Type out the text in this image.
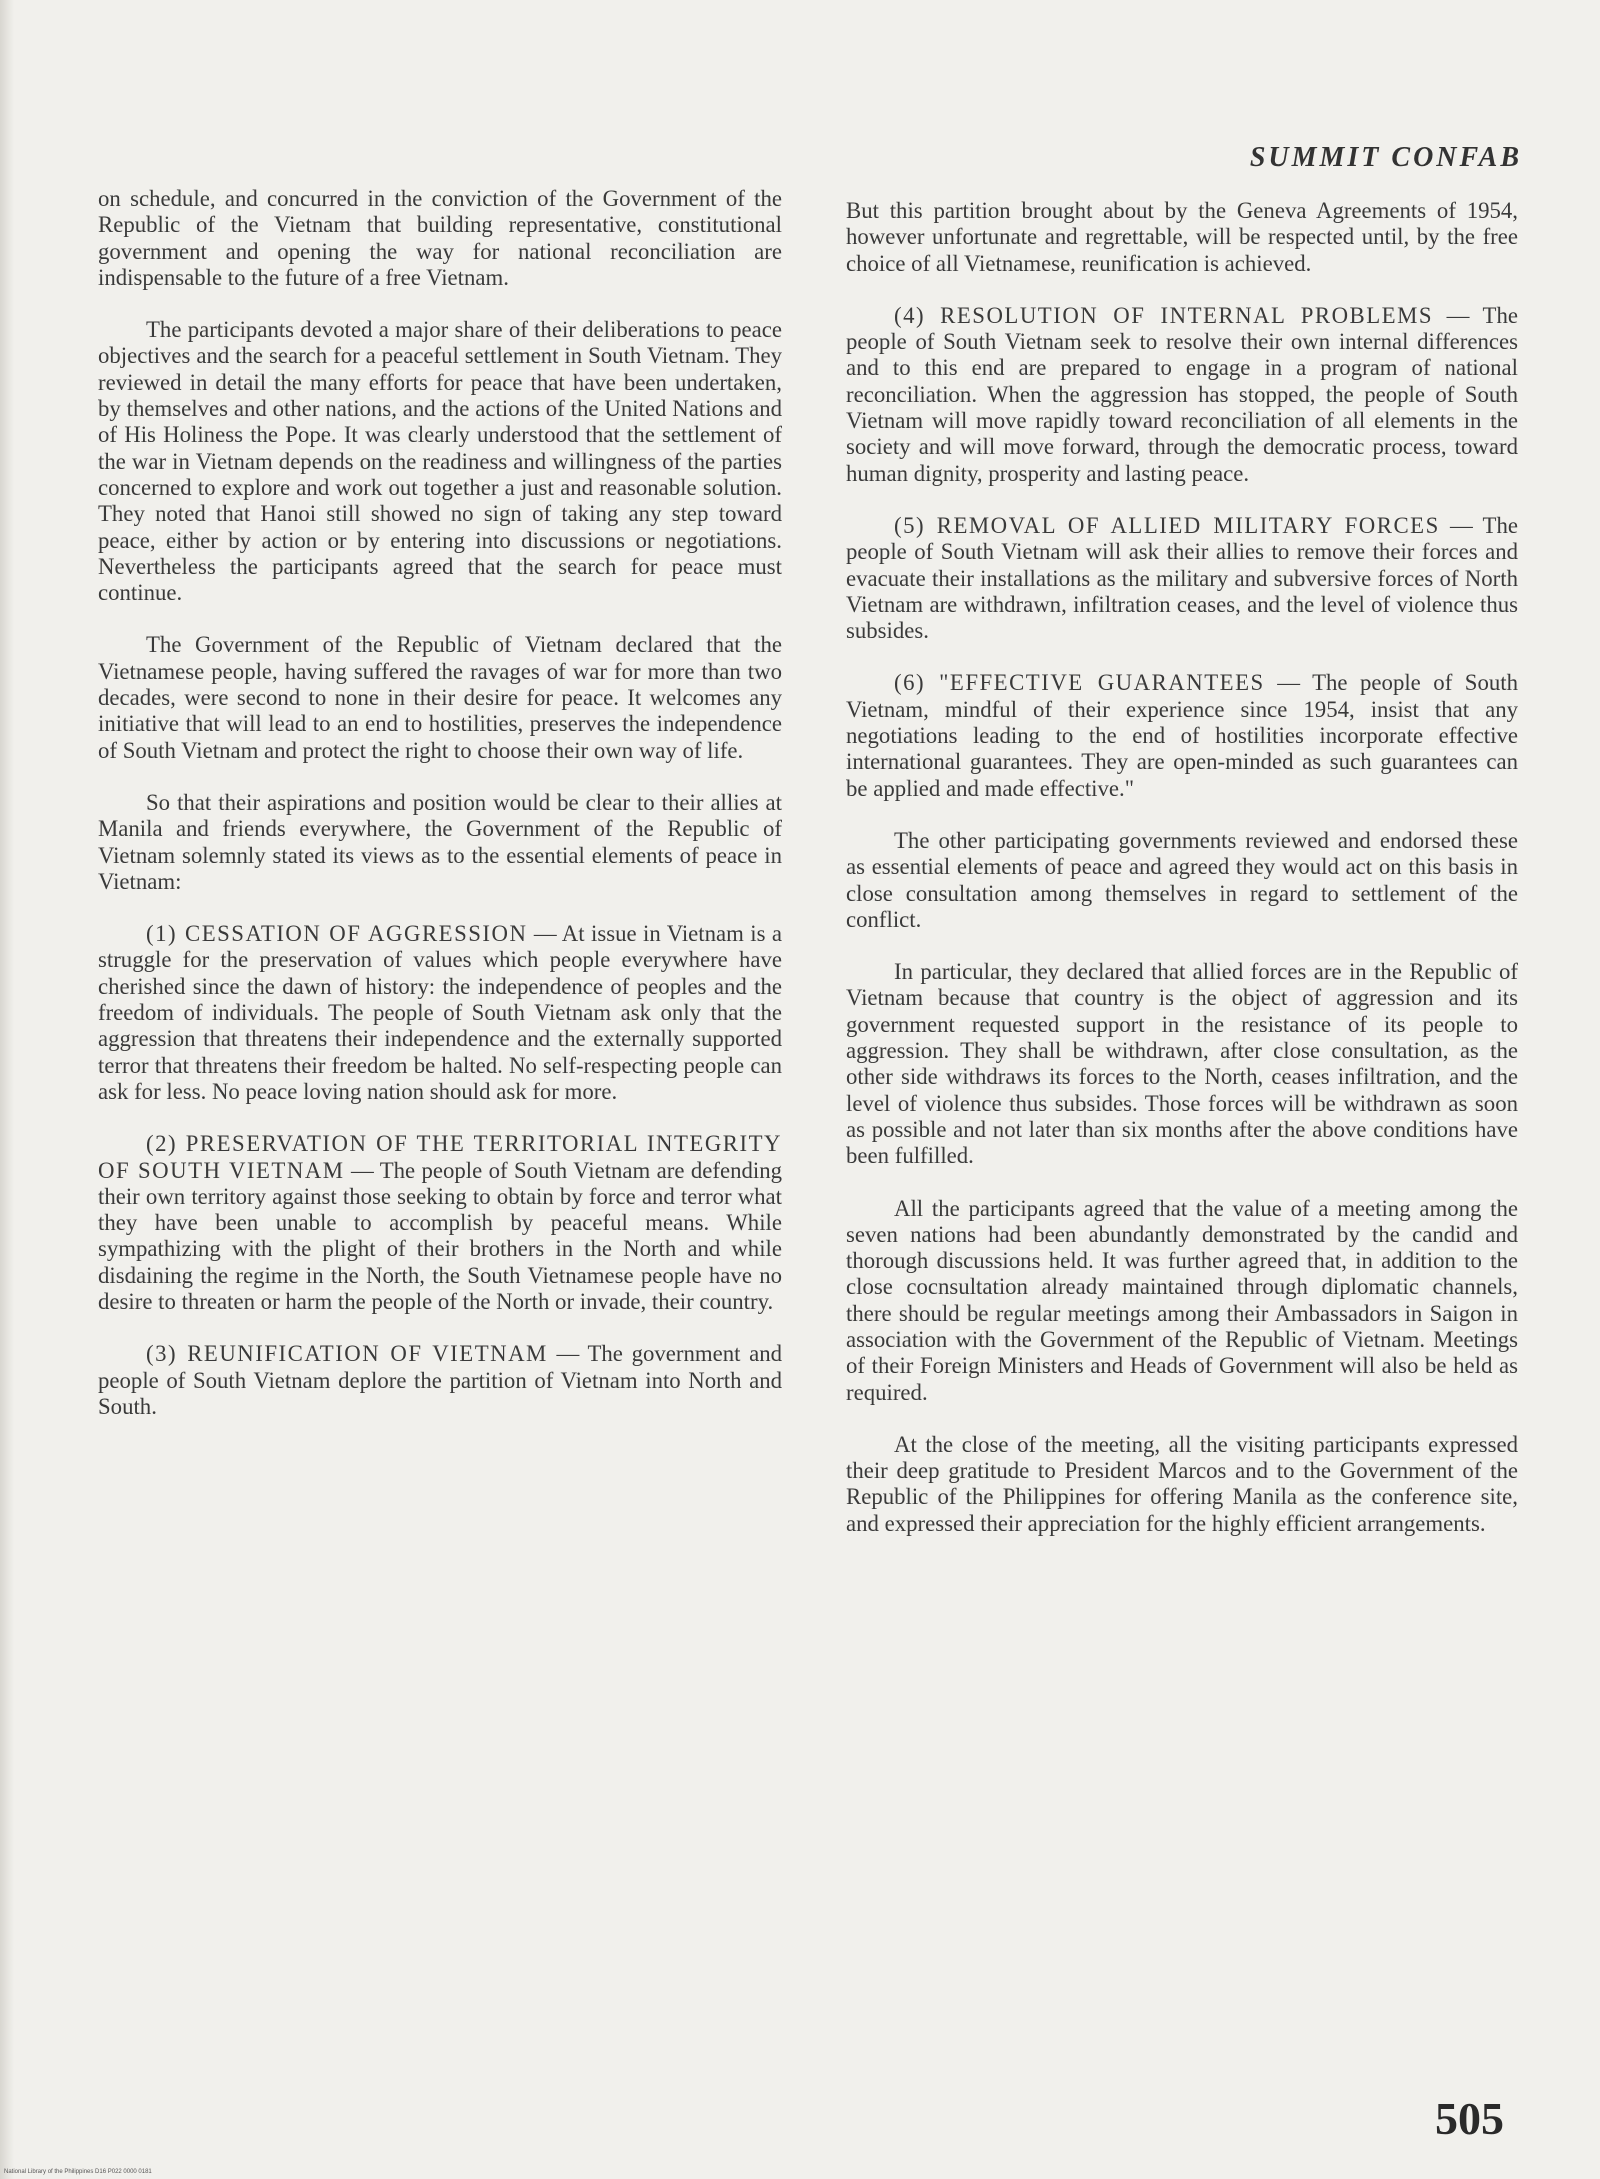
SUMMIT CONFAB

on schedule, and concurred in the conviction of the Government of the Republic of the Vietnam that building representative, constitutional government and opening the way for national reconciliation are indispensable to the future of a free Vietnam.

The participants devoted a major share of their deliberations to peace objectives and the search for a peaceful settlement in South Vietnam. They reviewed in detail the many efforts for peace that have been undertaken, by themselves and other nations, and the actions of the United Nations and of His Holiness the Pope. It was clearly understood that the settlement of the war in Vietnam depends on the readiness and willingness of the parties concerned to explore and work out together a just and reasonable solution. They noted that Hanoi still showed no sign of taking any step toward peace, either by action or by entering into discussions or negotiations. Nevertheless the participants agreed that the search for peace must continue.

The Government of the Republic of Vietnam declared that the Vietnamese people, having suffered the ravages of war for more than two decades, were second to none in their desire for peace. It welcomes any initiative that will lead to an end to hostilities, preserves the independence of South Vietnam and protect the right to choose their own way of life.

So that their aspirations and position would be clear to their allies at Manila and friends everywhere, the Government of the Republic of Vietnam solemnly stated its views as to the essential elements of peace in Vietnam:

(1) CESSATION OF AGGRESSION — At issue in Vietnam is a struggle for the preservation of values which people everywhere have cherished since the dawn of history: the independence of peoples and the freedom of individuals. The people of South Vietnam ask only that the aggression that threatens their independence and the externally supported terror that threatens their freedom be halted. No self-respecting people can ask for less. No peace loving nation should ask for more.

(2) PRESERVATION OF THE TERRITORIAL INTEGRITY OF SOUTH VIETNAM — The people of South Vietnam are defending their own territory against those seeking to obtain by force and terror what they have been unable to accomplish by peaceful means. While sympathizing with the plight of their brothers in the North and while disdaining the regime in the North, the South Vietnamese people have no desire to threaten or harm the people of the North or invade, their country.

(3) REUNIFICATION OF VIETNAM — The government and people of South Vietnam deplore the partition of Vietnam into North and South.

But this partition brought about by the Geneva Agreements of 1954, however unfortunate and regrettable, will be respected until, by the free choice of all Vietnamese, reunification is achieved.

(4) RESOLUTION OF INTERNAL PROBLEMS — The people of South Vietnam seek to resolve their own internal differences and to this end are prepared to engage in a program of national reconciliation. When the aggression has stopped, the people of South Vietnam will move rapidly toward reconciliation of all elements in the society and will move forward, through the democratic process, toward human dignity, prosperity and lasting peace.

(5) REMOVAL OF ALLIED MILITARY FORCES — The people of South Vietnam will ask their allies to remove their forces and evacuate their installations as the military and subversive forces of North Vietnam are withdrawn, infiltration ceases, and the level of violence thus subsides.

(6) "EFFECTIVE GUARANTEES — The people of South Vietnam, mindful of their experience since 1954, insist that any negotiations leading to the end of hostilities incorporate effective international guarantees. They are open-minded as such guarantees can be applied and made effective."

The other participating governments reviewed and endorsed these as essential elements of peace and agreed they would act on this basis in close consultation among themselves in regard to settlement of the conflict.

In particular, they declared that allied forces are in the Republic of Vietnam because that country is the object of aggression and its government requested support in the resistance of its people to aggression. They shall be withdrawn, after close consultation, as the other side withdraws its forces to the North, ceases infiltration, and the level of violence thus subsides. Those forces will be withdrawn as soon as possible and not later than six months after the above conditions have been fulfilled.

All the participants agreed that the value of a meeting among the seven nations had been abundantly demonstrated by the candid and thorough discussions held. It was further agreed that, in addition to the close cocnsultation already maintained through diplomatic channels, there should be regular meetings among their Ambassadors in Saigon in association with the Government of the Republic of Vietnam. Meetings of their Foreign Ministers and Heads of Government will also be held as required.

At the close of the meeting, all the visiting participants expressed their deep gratitude to President Marcos and to the Government of the Republic of the Philippines for offering Manila as the conference site, and expressed their appreciation for the highly efficient arrangements.

505
National Library of the Philippines D16 P022 0000 0181
